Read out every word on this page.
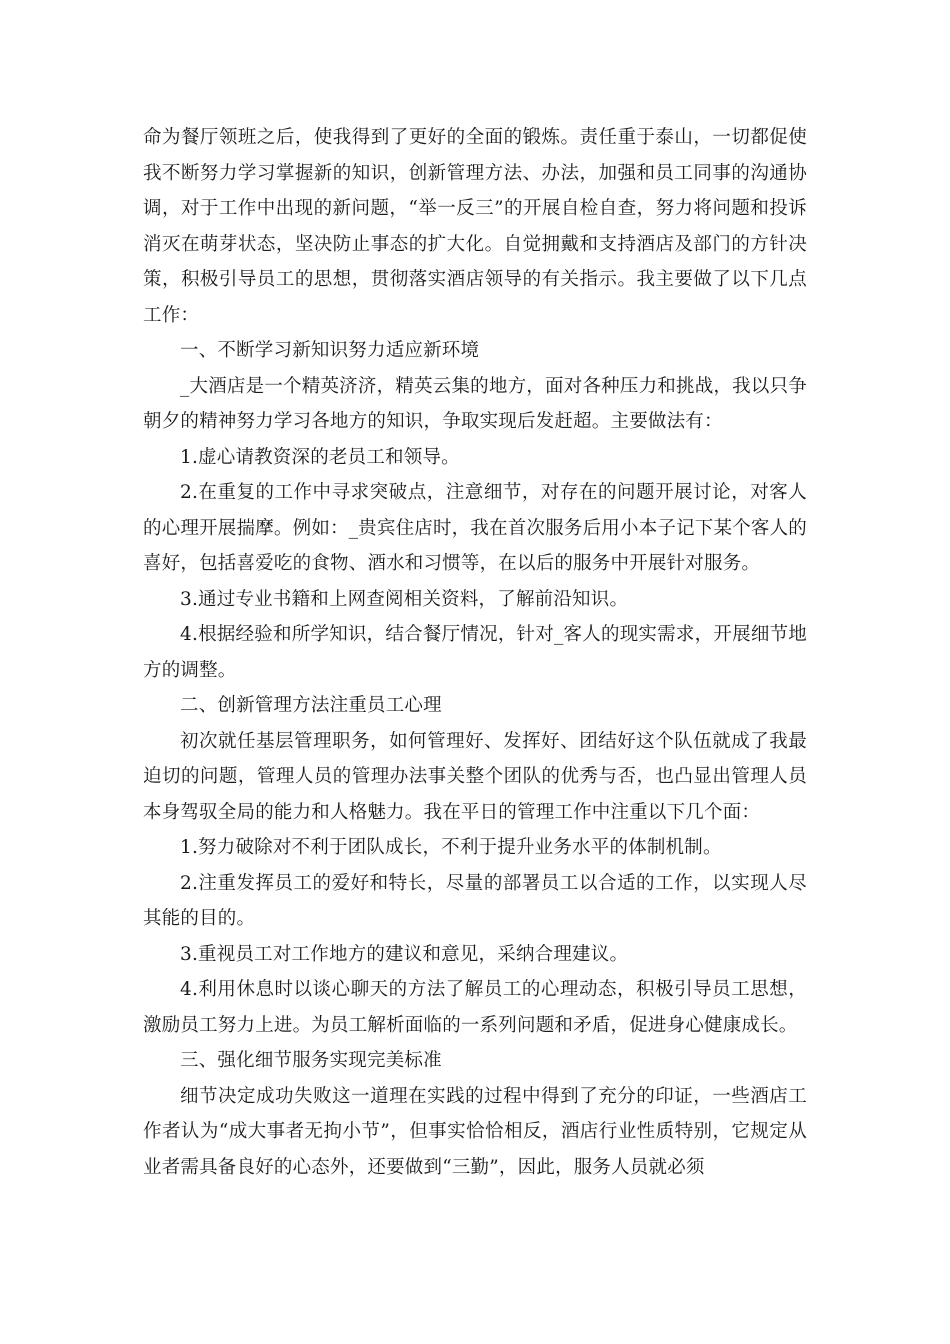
命为餐厅领班之后，使我得到了更好的全面的锻炼。责任重于泰山，一切都促使我不断努力学习掌握新的知识，创新管理方法、办法，加强和员工同事的沟通协调，对于工作中出现的新问题，“举一反三”的开展自检自查，努力将问题和投诉消灭在萌芽状态，坚决防止事态的扩大化。自觉拥戴和支持酒店及部门的方针决策，积极引导员工的思想，贯彻落实酒店领导的有关指示。我主要做了以下几点工作：

一、不断学习新知识努力适应新环境

_大酒店是一个精英济济，精英云集的地方，面对各种压力和挑战，我以只争朝夕的精神努力学习各地方的知识，争取实现后发赶超。主要做法有：

1.虚心请教资深的老员工和领导。

2.在重复的工作中寻求突破点，注意细节，对存在的问题开展讨论，对客人的心理开展揣摩。例如：_贵宾住店时，我在首次服务后用小本子记下某个客人的喜好，包括喜爱吃的食物、酒水和习惯等，在以后的服务中开展针对服务。

3.通过专业书籍和上网查阅相关资料，了解前沿知识。

4.根据经验和所学知识，结合餐厅情况，针对_客人的现实需求，开展细节地方的调整。

二、创新管理方法注重员工心理

初次就任基层管理职务，如何管理好、发挥好、团结好这个队伍就成了我最迫切的问题，管理人员的管理办法事关整个团队的优秀与否，也凸显出管理人员本身驾驭全局的能力和人格魅力。我在平日的管理工作中注重以下几个面：

1.努力破除对不利于团队成长，不利于提升业务水平的体制机制。

2.注重发挥员工的爱好和特长，尽量的部署员工以合适的工作，以实现人尽其能的目的。

3.重视员工对工作地方的建议和意见，采纳合理建议。

4.利用休息时以谈心聊天的方法了解员工的心理动态，积极引导员工思想，激励员工努力上进。为员工解析面临的一系列问题和矛盾，促进身心健康成长。

三、强化细节服务实现完美标准

细节决定成功失败这一道理在实践的过程中得到了充分的印证，一些酒店工作者认为“成大事者无拘小节”，但事实恰恰相反，酒店行业性质特别，它规定从业者需具备良好的心态外，还要做到“三勤”，因此，服务人员就必须
